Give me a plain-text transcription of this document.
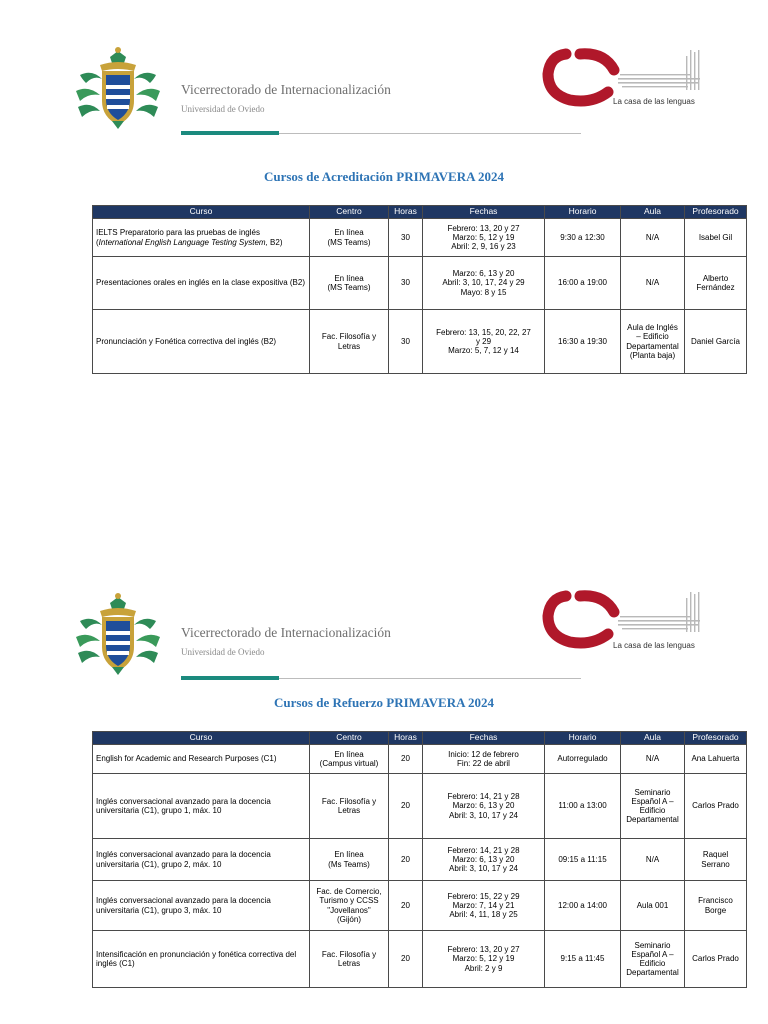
Vicerrectorado de Internacionalización
Universidad de Oviedo
La casa de las lenguas
Cursos de Acreditación PRIMAVERA 2024
Curso	Centro	Horas	Fechas	Horario	Aula	Profesorado
IELTS Preparatorio para las pruebas de inglés (International English Language Testing System, B2)	En línea
(MS Teams)	30	Febrero: 13, 20 y 27
Marzo: 5, 12 y 19
Abril: 2, 9, 16 y 23	9:30 a 12:30	N/A	Isabel Gil
Presentaciones orales en inglés en la clase expositiva (B2)	En línea
(MS Teams)	30	Marzo: 6, 13 y 20
Abril: 3, 10, 17, 24 y 29
Mayo: 8 y 15	16:00 a 19:00	N/A	Alberto
Fernández
Pronunciación y Fonética correctiva del inglés (B2)	Fac. Filosofía y
Letras	30	Febrero: 13, 15, 20, 22, 27
y 29
Marzo: 5, 7, 12 y 14	16:30 a 19:30	Aula de Inglés
– Edificio
Departamental
(Planta baja)	Daniel García
Vicerrectorado de Internacionalización
Universidad de Oviedo
La casa de las lenguas
Cursos de Refuerzo PRIMAVERA 2024
Curso	Centro	Horas	Fechas	Horario	Aula	Profesorado
English for Academic and Research Purposes (C1)	En línea
(Campus virtual)	20	Inicio: 12 de febrero
Fin: 22 de abril	Autorregulado	N/A	Ana Lahuerta
Inglés conversacional avanzado para la docencia universitaria (C1), grupo 1, máx. 10	Fac. Filosofía y
Letras	20	Febrero: 14, 21 y 28
Marzo: 6, 13 y 20
Abril: 3, 10, 17 y 24	11:00 a 13:00	Seminario
Español A –
Edificio
Departamental	Carlos Prado
Inglés conversacional avanzado para la docencia universitaria (C1), grupo 2, máx. 10	En línea
(Ms Teams)	20	Febrero: 14, 21 y 28
Marzo: 6, 13 y 20
Abril: 3, 10, 17 y 24	09:15 a 11:15	N/A	Raquel
Serrano
Inglés conversacional avanzado para la docencia universitaria (C1), grupo 3, máx. 10	Fac. de Comercio,
Turismo y CCSS
"Jovellanos"
(Gijón)	20	Febrero: 15, 22 y 29
Marzo: 7, 14 y 21
Abril: 4, 11, 18 y 25	12:00 a 14:00	Aula 001	Francisco
Borge
Intensificación en pronunciación y fonética correctiva del inglés (C1)	Fac. Filosofía y
Letras	20	Febrero: 13, 20 y 27
Marzo: 5, 12 y 19
Abril: 2 y 9	9:15 a 11:45	Seminario
Español A –
Edificio
Departamental	Carlos Prado
